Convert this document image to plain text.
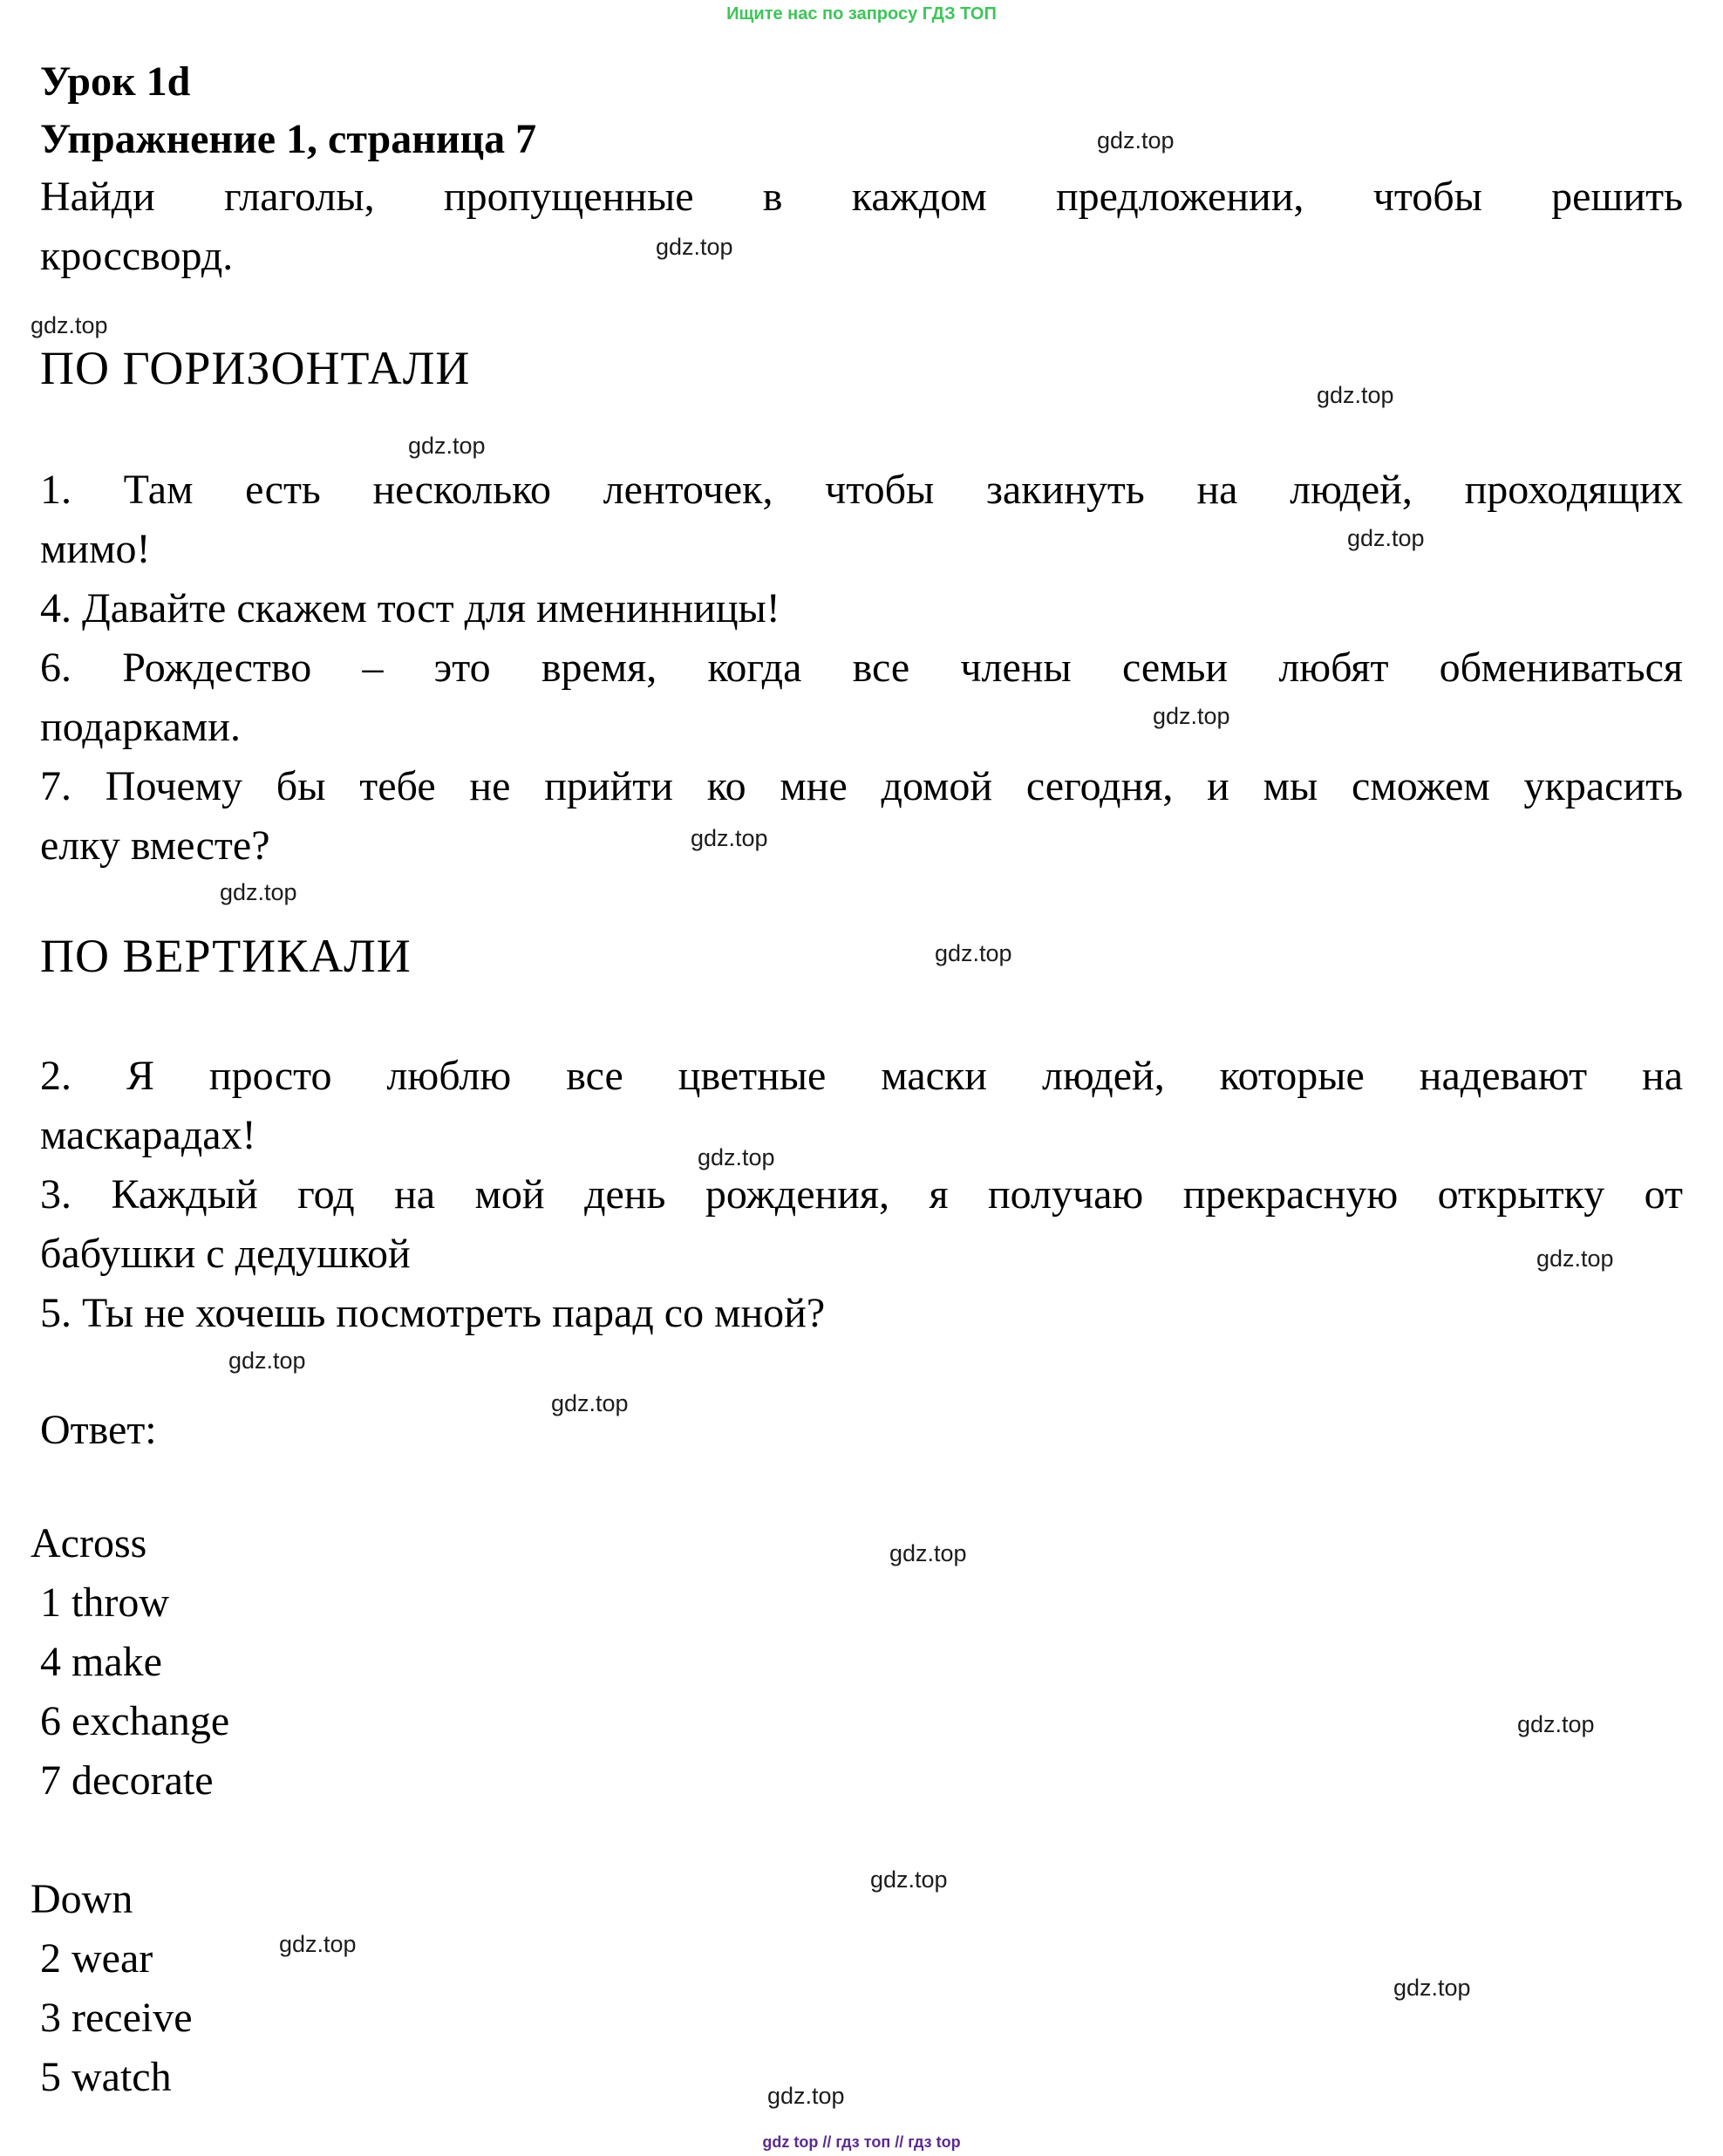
Ищите нас по запросу ГДЗ ТОП
Урок 1d
Упражнение 1, страница 7
Найди глаголы, пропущенные в каждом предложении, чтобы решить
кроссворд.
ПО ГОРИЗОНТАЛИ
1. Там есть несколько ленточек, чтобы закинуть на людей, проходящих
мимо!
4. Давайте скажем тост для именинницы!
6. Рождество – это время, когда все члены семьи любят обмениваться
подарками.
7. Почему бы тебе не прийти ко мне домой сегодня, и мы сможем украсить
елку вместе?
ПО ВЕРТИКАЛИ
2. Я просто люблю все цветные маски людей, которые надевают на
маскарадах!
3. Каждый год на мой день рождения, я получаю прекрасную открытку от
бабушки с дедушкой
5. Ты не хочешь посмотреть парад со мной?
Ответ:
Across
1 throw
4 make
6 exchange
7 decorate
Down
2 wear
3 receive
5 watch
gdz.top
gdz.top
gdz.top
gdz.top
gdz.top
gdz.top
gdz.top
gdz.top
gdz.top
gdz.top
gdz.top
gdz.top
gdz.top
gdz.top
gdz.top
gdz.top
gdz.top
gdz.top
gdz.top
gdz.top
gdz top // гдз топ // гдз top
